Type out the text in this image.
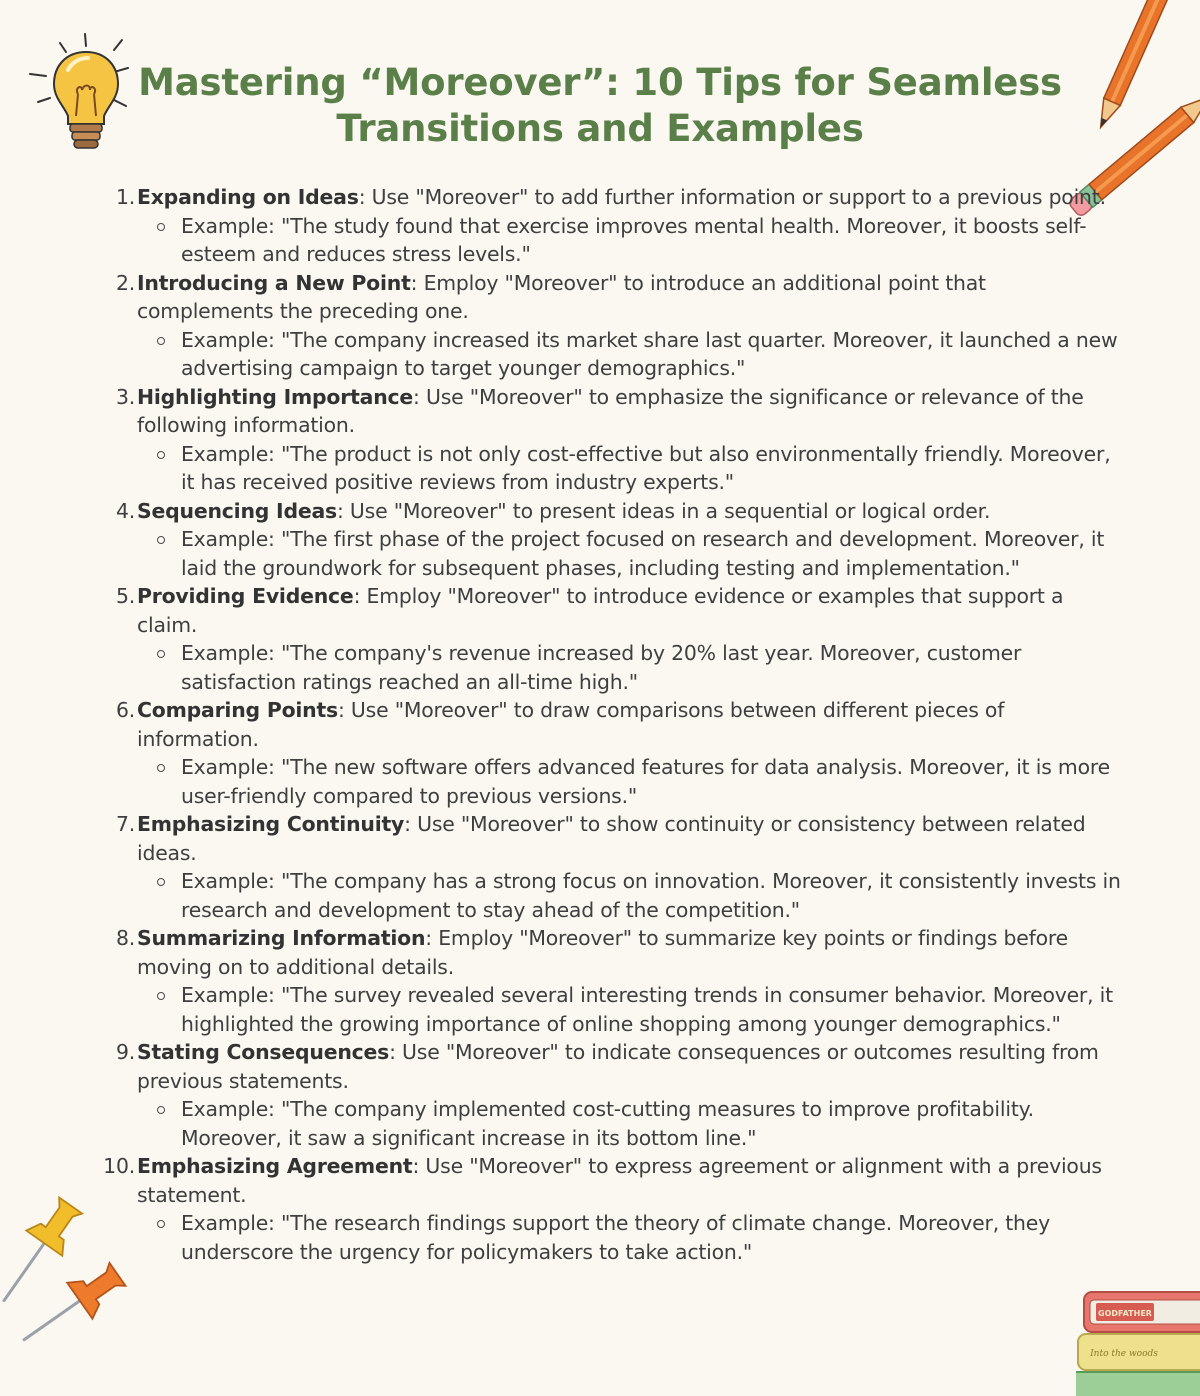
GODFATHER
Into the woods
Mastering “Moreover”: 10 Tips for Seamless Transitions and Examples
1. Expanding on Ideas: Use "Moreover" to add further information or support to a previous point.
Example: "The study found that exercise improves mental health. Moreover, it boosts self-esteem and reduces stress levels."
2. Introducing a New Point: Employ "Moreover" to introduce an additional point that complements the preceding one.
Example: "The company increased its market share last quarter. Moreover, it launched a new advertising campaign to target younger demographics."
3. Highlighting Importance: Use "Moreover" to emphasize the significance or relevance of the following information.
Example: "The product is not only cost-effective but also environmentally friendly. Moreover, it has received positive reviews from industry experts."
4. Sequencing Ideas: Use "Moreover" to present ideas in a sequential or logical order.
Example: "The first phase of the project focused on research and development. Moreover, it laid the groundwork for subsequent phases, including testing and implementation."
5. Providing Evidence: Employ "Moreover" to introduce evidence or examples that support a claim.
Example: "The company's revenue increased by 20% last year. Moreover, customer satisfaction ratings reached an all-time high."
6. Comparing Points: Use "Moreover" to draw comparisons between different pieces of information.
Example: "The new software offers advanced features for data analysis. Moreover, it is more user-friendly compared to previous versions."
7. Emphasizing Continuity: Use "Moreover" to show continuity or consistency between related ideas.
Example: "The company has a strong focus on innovation. Moreover, it consistently invests in research and development to stay ahead of the competition."
8. Summarizing Information: Employ "Moreover" to summarize key points or findings before moving on to additional details.
Example: "The survey revealed several interesting trends in consumer behavior. Moreover, it highlighted the growing importance of online shopping among younger demographics."
9. Stating Consequences: Use "Moreover" to indicate consequences or outcomes resulting from previous statements.
Example: "The company implemented cost-cutting measures to improve profitability. Moreover, it saw a significant increase in its bottom line."
10. Emphasizing Agreement: Use "Moreover" to express agreement or alignment with a previous statement.
Example: "The research findings support the theory of climate change. Moreover, they underscore the urgency for policymakers to take action."
